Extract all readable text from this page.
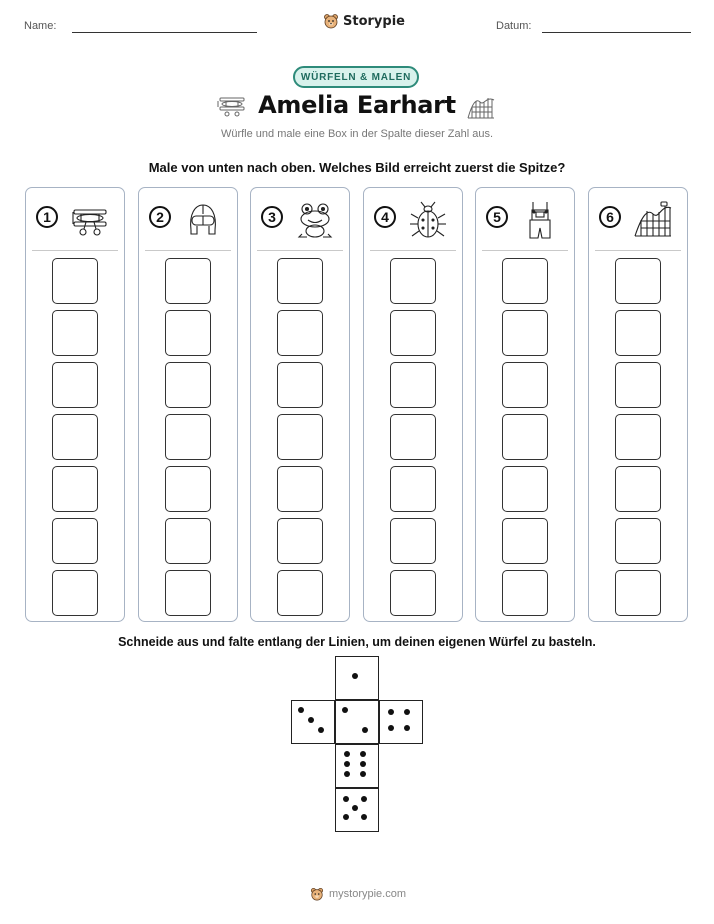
Name:	Storypie	Datum:
WÜRFELN & MALEN
Amelia Earhart
Würfle und male eine Box in der Spalte dieser Zahl aus.
Male von unten nach oben. Welches Bild erreicht zuerst die Spitze?
1	2	3	4	5	6
Schneide aus und falte entlang der Linien, um deinen eigenen Würfel zu basteln.
mystorypie.com
